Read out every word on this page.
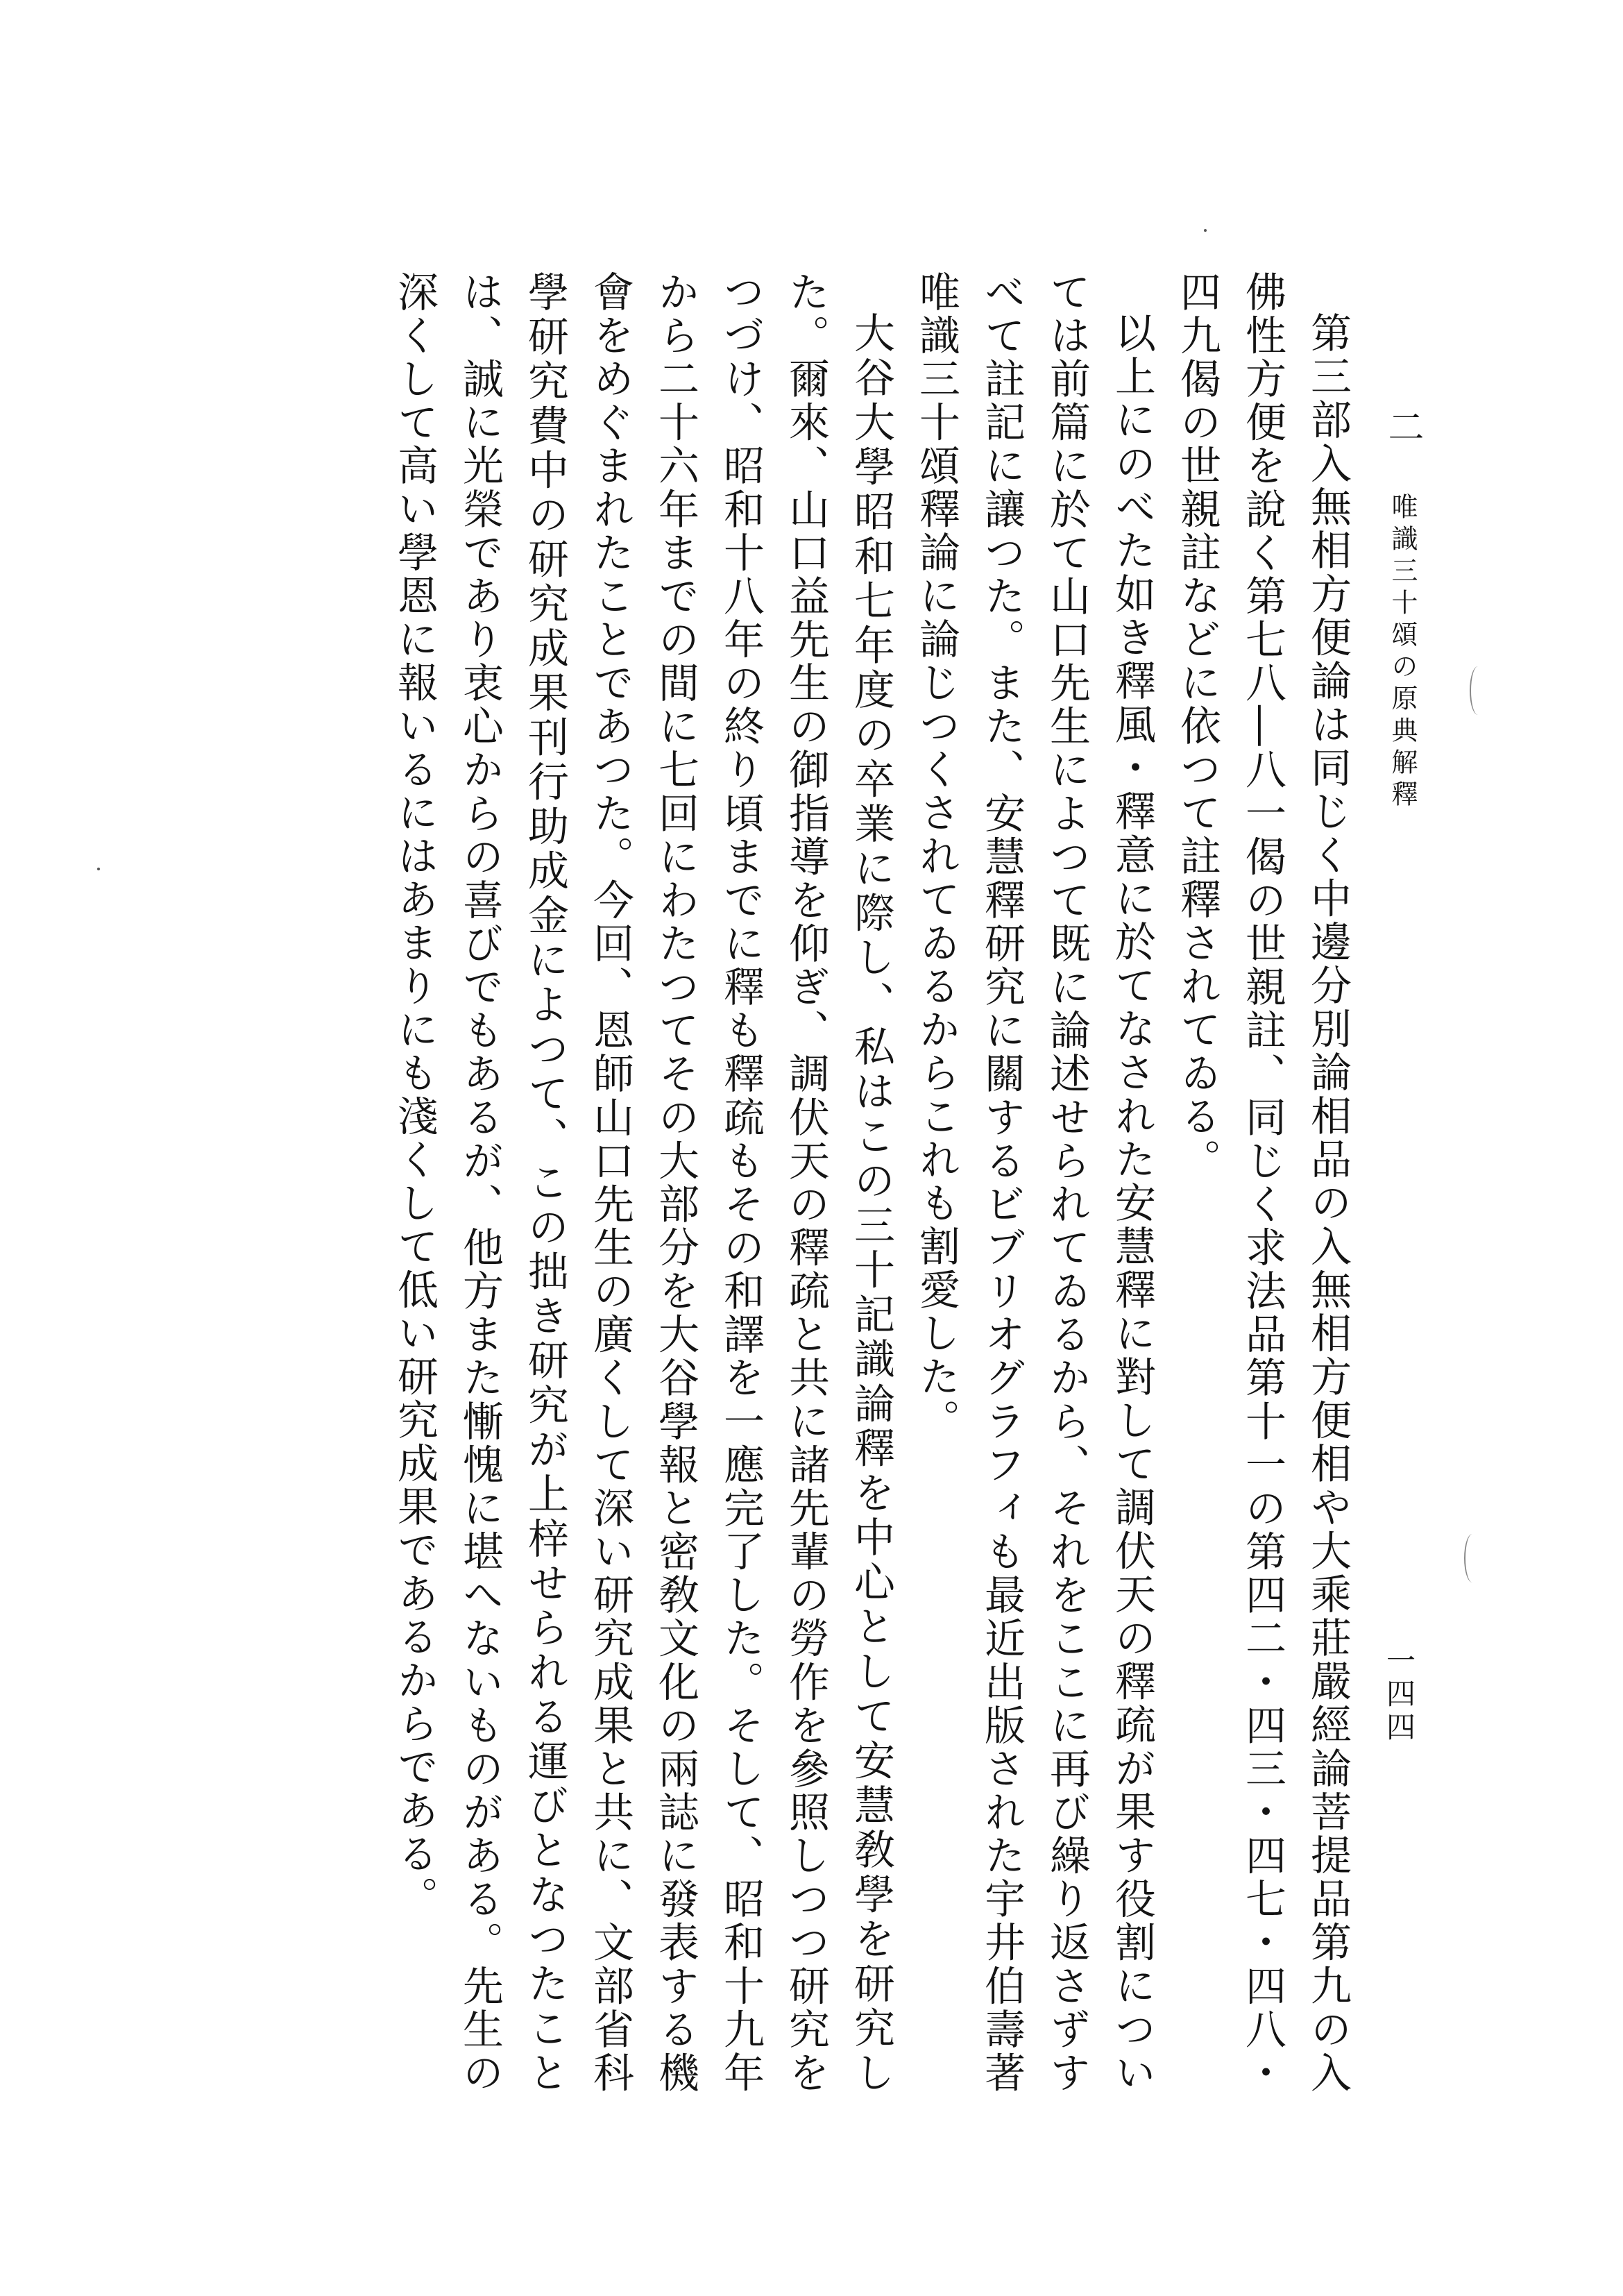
二 唯識三十頌の原典解釋
一四四

第三部入無相方便論は同じく中邊分別論相品の入無相方便相や大乘莊嚴經論菩提品第九の入佛性方便を說く第七八―八一偈の世親註、同じく求法品第十一の第四二・四三・四七・四八・四九偈の世親註などに依つて註釋されてゐる。

以上にのべた如き釋風・釋意に於てなされた安慧釋に對して調伏天の釋疏が果す役割については前篇に於て山口先生によつて既に論述せられてゐるから、それをここに再び繰り返さずすべて註記に讓つた。また、安慧釋研究に關するビブリオグラフィも最近出版された宇井伯壽著唯識三十頌釋論に論じつくされてゐるからこれも割愛した。

大谷大學昭和七年度の卒業に際し、私はこの三十記識論釋を中心として安慧敎學を研究した。爾來、山口益先生の御指導を仰ぎ、調伏天の釋疏と共に諸先輩の勞作を參照しつつ研究をつづけ、昭和十八年の終り頃までに釋も釋疏もその和譯を一應完了した。そして、昭和十九年から二十六年までの間に七回にわたつてその大部分を大谷學報と密敎文化の兩誌に發表する機會をめぐまれたことであつた。今回、恩師山口先生の廣くして深い研究成果と共に、文部省科學研究費中の研究成果刊行助成金によつて、この拙き研究が上梓せられる運びとなつたことは、誠に光榮であり衷心からの喜びでもあるが、他方また慚愧に堪へないものがある。先生の深くして高い學恩に報いるにはあまりにも淺くして低い研究成果であるからである。
